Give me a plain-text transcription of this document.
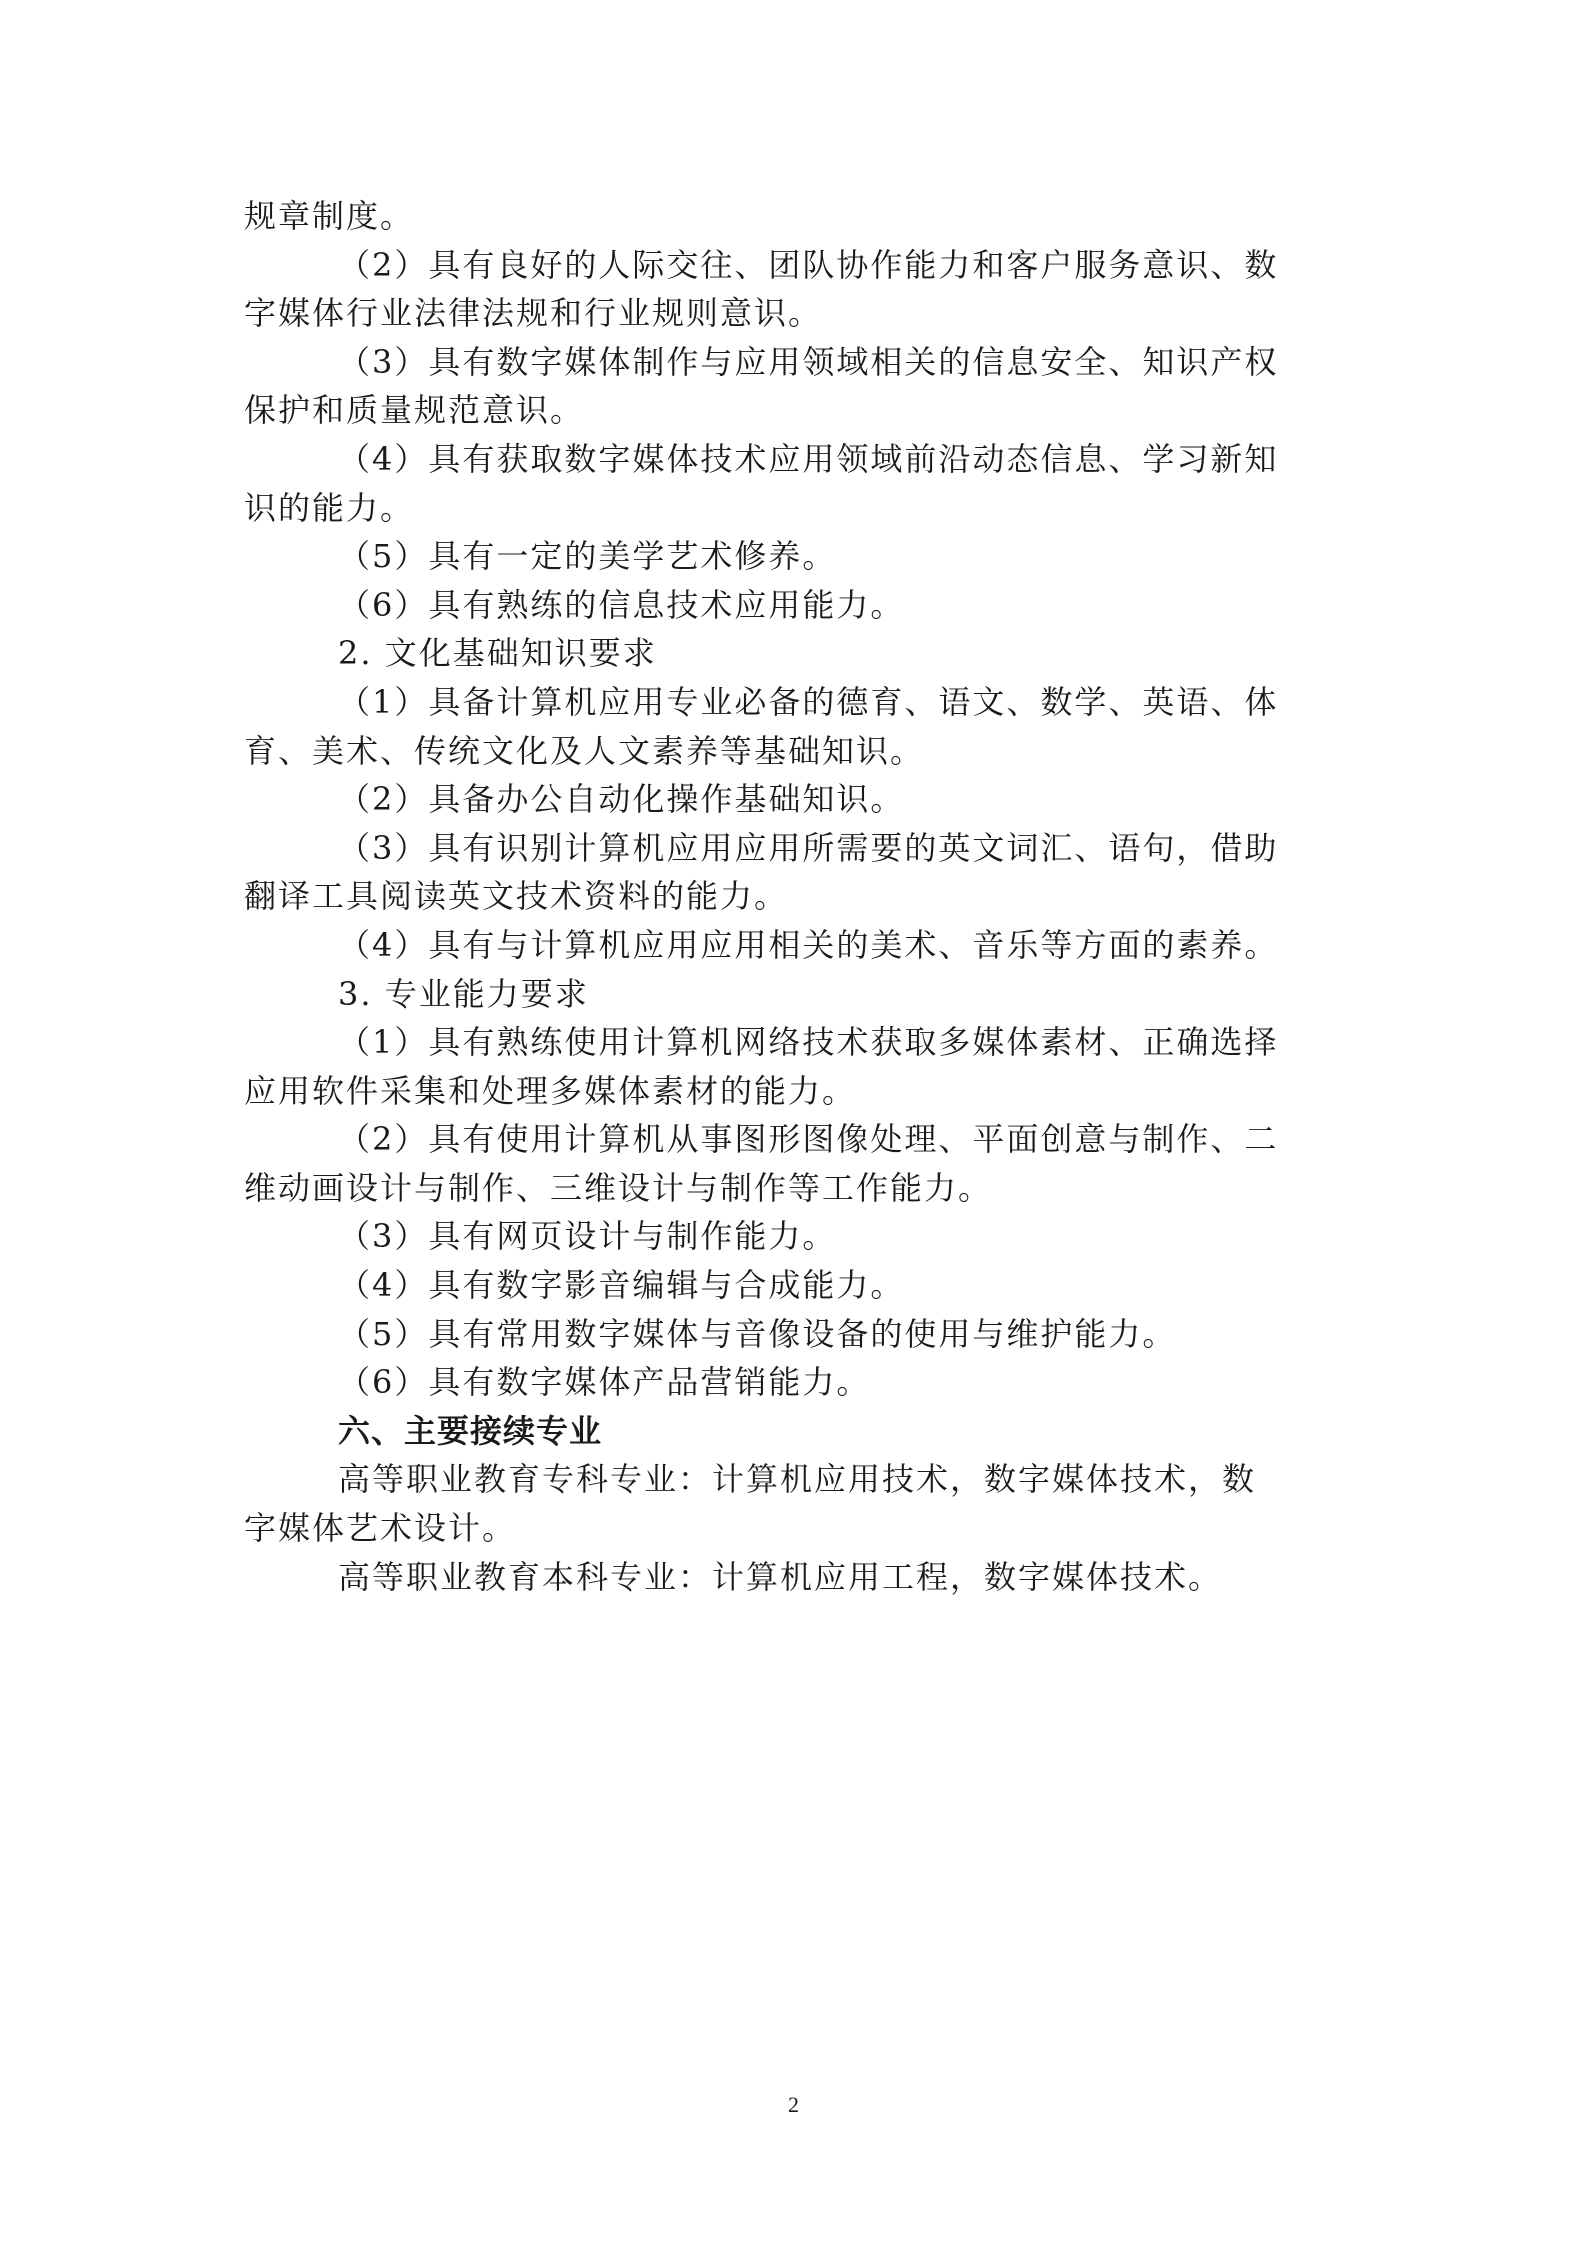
规章制度。

（2）具有良好的人际交往、团队协作能力和客户服务意识、数

字媒体行业法律法规和行业规则意识。

（3）具有数字媒体制作与应用领域相关的信息安全、知识产权

保护和质量规范意识。

（4）具有获取数字媒体技术应用领域前沿动态信息、学习新知

识的能力。

（5）具有一定的美学艺术修养。

（6）具有熟练的信息技术应用能力。

2. 文化基础知识要求

（1）具备计算机应用专业必备的德育、语文、数学、英语、体

育、美术、传统文化及人文素养等基础知识。

（2）具备办公自动化操作基础知识。

（3）具有识别计算机应用应用所需要的英文词汇、语句，借助

翻译工具阅读英文技术资料的能力。

（4）具有与计算机应用应用相关的美术、音乐等方面的素养。

3. 专业能力要求

（1）具有熟练使用计算机网络技术获取多媒体素材、正确选择

应用软件采集和处理多媒体素材的能力。

（2）具有使用计算机从事图形图像处理、平面创意与制作、二

维动画设计与制作、三维设计与制作等工作能力。

（3）具有网页设计与制作能力。

（4）具有数字影音编辑与合成能力。

（5）具有常用数字媒体与音像设备的使用与维护能力。

（6）具有数字媒体产品营销能力。

六、主要接续专业

高等职业教育专科专业：计算机应用技术，数字媒体技术，数

字媒体艺术设计。

高等职业教育本科专业：计算机应用工程，数字媒体技术。

2
